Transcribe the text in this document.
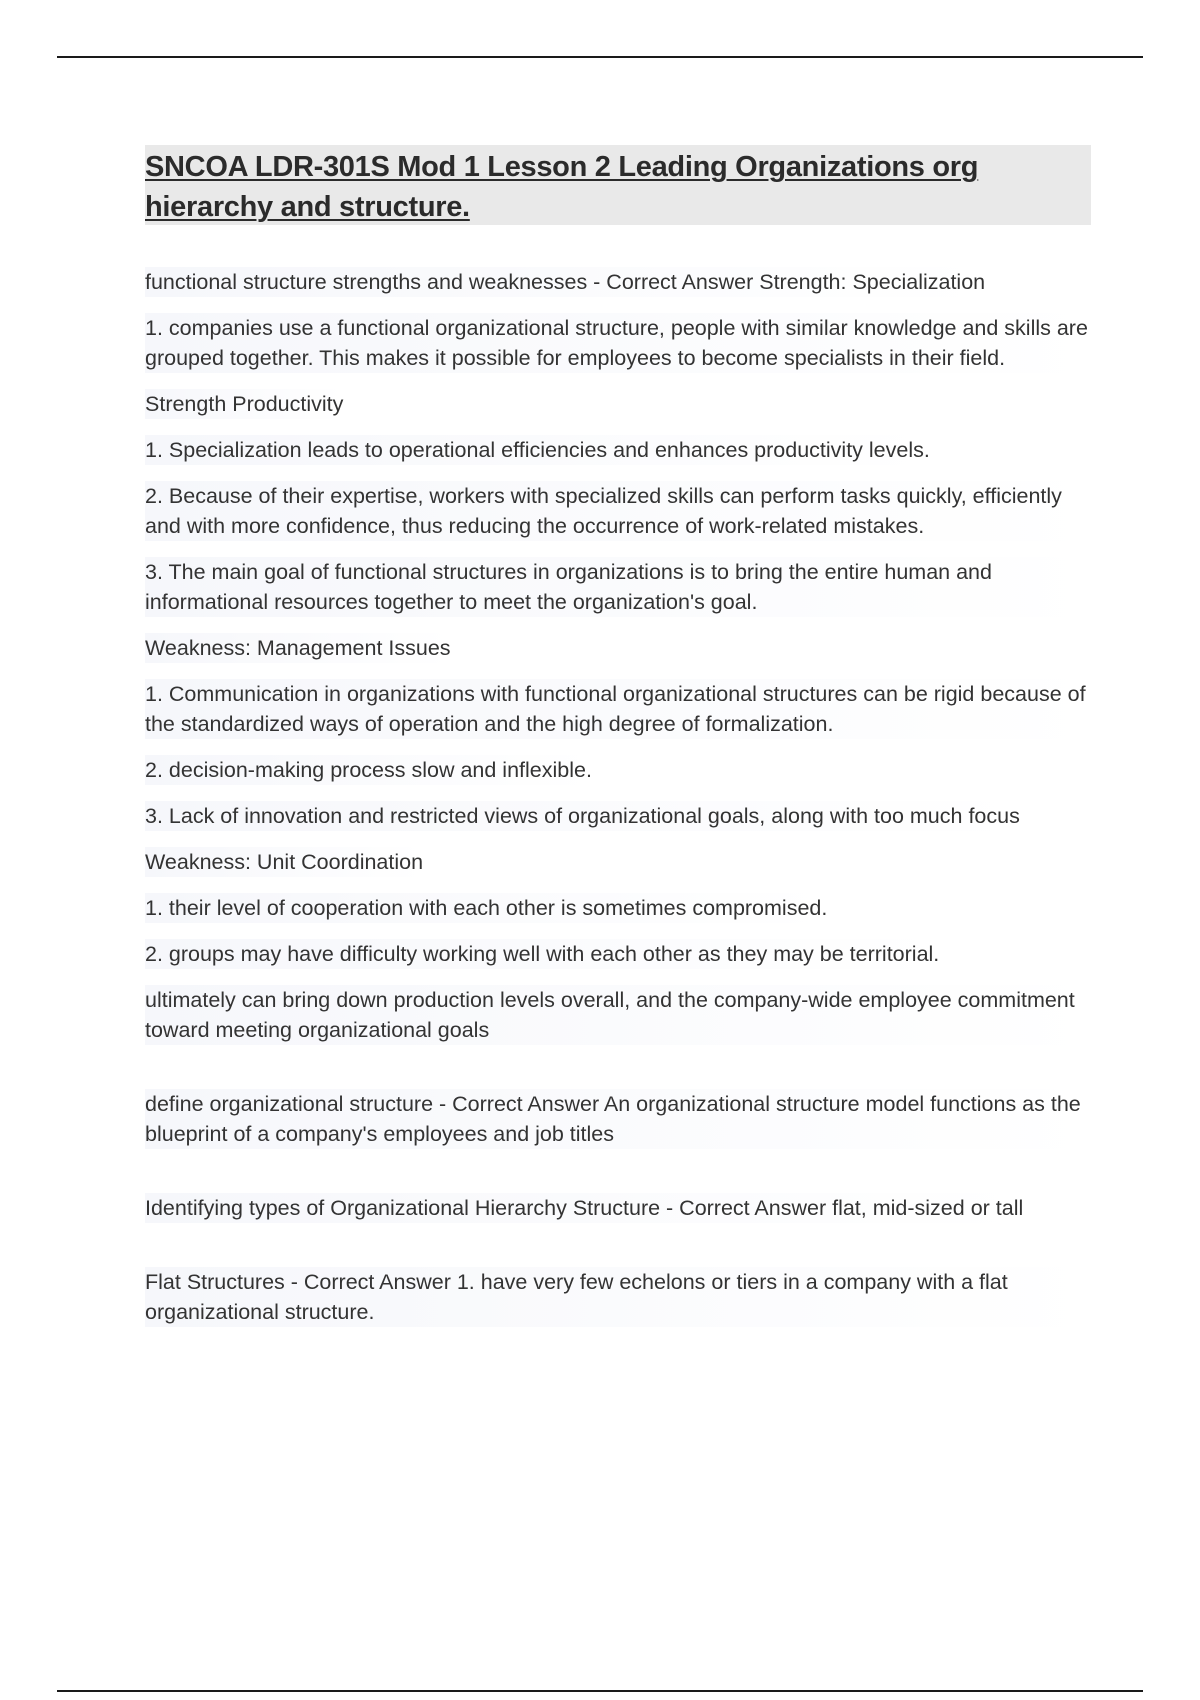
SNCOA LDR-301S Mod 1 Lesson 2 Leading Organizations org hierarchy and structure.

functional structure strengths and weaknesses - Correct Answer Strength: Specialization

1. companies use a functional organizational structure, people with similar knowledge and skills are grouped together. This makes it possible for employees to become specialists in their field.

Strength Productivity

1. Specialization leads to operational efficiencies and enhances productivity levels.

2. Because of their expertise, workers with specialized skills can perform tasks quickly, efficiently and with more confidence, thus reducing the occurrence of work-related mistakes.

3. The main goal of functional structures in organizations is to bring the entire human and informational resources together to meet the organization's goal.

Weakness: Management Issues

1. Communication in organizations with functional organizational structures can be rigid because of the standardized ways of operation and the high degree of formalization.

2. decision-making process slow and inflexible.

3. Lack of innovation and restricted views of organizational goals, along with too much focus

Weakness: Unit Coordination

1. their level of cooperation with each other is sometimes compromised.

2. groups may have difficulty working well with each other as they may be territorial.

ultimately can bring down production levels overall, and the company-wide employee commitment toward meeting organizational goals

define organizational structure - Correct Answer An organizational structure model functions as the blueprint of a company's employees and job titles

Identifying types of Organizational Hierarchy Structure - Correct Answer flat, mid-sized or tall

Flat Structures - Correct Answer 1. have very few echelons or tiers in a company with a flat organizational structure.
